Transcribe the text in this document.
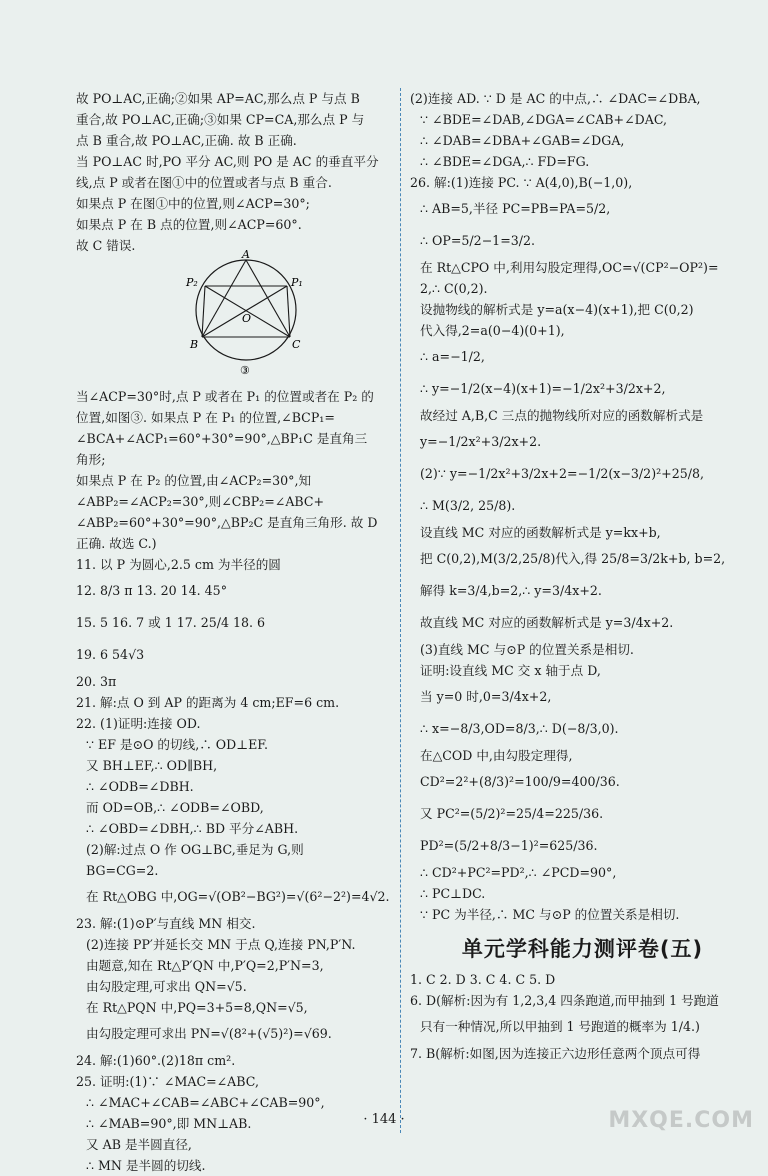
故 PO⊥AC,正确;②如果 AP=AC,那么点 P 与点 B
重合,故 PO⊥AC,正确;③如果 CP=CA,那么点 P 与
点 B 重合,故 PO⊥AC,正确. 故 B 正确.
当 PO⊥AC 时,PO 平分 AC,则 PO 是 AC 的垂直平分
线,点 P 或者在图①中的位置或者与点 B 重合.
如果点 P 在图①中的位置,则∠ACP=30°;
如果点 P 在 B 点的位置,则∠ACP=60°.
故 C 错误.
A
P₂	P₁
O
B	C
③
当∠ACP=30°时,点 P 或者在 P₁ 的位置或者在 P₂ 的
位置,如图③. 如果点 P 在 P₁ 的位置,∠BCP₁=
∠BCA+∠ACP₁=60°+30°=90°,△BP₁C 是直角三
角形;
如果点 P 在 P₂ 的位置,由∠ACP₂=30°,知
∠ABP₂=∠ACP₂=30°,则∠CBP₂=∠ABC+
∠ABP₂=60°+30°=90°,△BP₂C 是直角三角形. 故 D
正确. 故选 C.)
11. 以 P 为圆心,2.5 cm 为半径的圆
12. 8/3 π 13. 20 14. 45°
15. 5 16. 7 或 1 17. 25/4 18. 6
19. 6 54√3
20. 3π
21. 解:点 O 到 AP 的距离为 4 cm;EF=6 cm.
22. (1)证明:连接 OD.
∵ EF 是⊙O 的切线,∴ OD⊥EF.
又 BH⊥EF,∴ OD∥BH,
∴ ∠ODB=∠DBH.
而 OD=OB,∴ ∠ODB=∠OBD,
∴ ∠OBD=∠DBH,∴ BD 平分∠ABH.
(2)解:过点 O 作 OG⊥BC,垂足为 G,则
BG=CG=2.
在 Rt△OBG 中,OG=√(OB²−BG²)=√(6²−2²)=4√2.
23. 解:(1)⊙P′与直线 MN 相交.
(2)连接 PP′并延长交 MN 于点 Q,连接 PN,P′N.
由题意,知在 Rt△P′QN 中,P′Q=2,P′N=3,
由勾股定理,可求出 QN=√5.
在 Rt△PQN 中,PQ=3+5=8,QN=√5,
由勾股定理可求出 PN=√(8²+(√5)²)=√69.
24. 解:(1)60°.(2)18π cm².
25. 证明:(1)∵ ∠MAC=∠ABC,
∴ ∠MAC+∠CAB=∠ABC+∠CAB=90°,
∴ ∠MAB=90°,即 MN⊥AB.
又 AB 是半圆直径,
∴ MN 是半圆的切线.
(2)连接 AD. ∵ D 是 AC 的中点,∴ ∠DAC=∠DBA,
∵ ∠BDE=∠DAB,∠DGA=∠CAB+∠DAC,
∴ ∠DAB=∠DBA+∠GAB=∠DGA,
∴ ∠BDE=∠DGA,∴ FD=FG.
26. 解:(1)连接 PC. ∵ A(4,0),B(−1,0),
∴ AB=5,半径 PC=PB=PA=5/2,
∴ OP=5/2−1=3/2.
在 Rt△CPO 中,利用勾股定理得,OC=√(CP²−OP²)=
2,∴ C(0,2).
设抛物线的解析式是 y=a(x−4)(x+1),把 C(0,2)
代入得,2=a(0−4)(0+1),
∴ a=−1/2,
∴ y=−1/2(x−4)(x+1)=−1/2x²+3/2x+2,
故经过 A,B,C 三点的抛物线所对应的函数解析式是
y=−1/2x²+3/2x+2.
(2)∵ y=−1/2x²+3/2x+2=−1/2(x−3/2)²+25/8,
∴ M(3/2, 25/8).
设直线 MC 对应的函数解析式是 y=kx+b,
把 C(0,2),M(3/2,25/8)代入,得 25/8=3/2k+b, b=2,
解得 k=3/4,b=2,∴ y=3/4x+2.
故直线 MC 对应的函数解析式是 y=3/4x+2.
(3)直线 MC 与⊙P 的位置关系是相切.
证明:设直线 MC 交 x 轴于点 D,
当 y=0 时,0=3/4x+2,
∴ x=−8/3,OD=8/3,∴ D(−8/3,0).
在△COD 中,由勾股定理得,
CD²=2²+(8/3)²=100/9=400/36.
又 PC²=(5/2)²=25/4=225/36.
PD²=(5/2+8/3−1)²=625/36.
∴ CD²+PC²=PD²,∴ ∠PCD=90°,
∴ PC⊥DC.
∵ PC 为半径,∴ MC 与⊙P 的位置关系是相切.
单元学科能力测评卷(五)
1. C 2. D 3. C 4. C 5. D
6. D(解析:因为有 1,2,3,4 四条跑道,而甲抽到 1 号跑道
只有一种情况,所以甲抽到 1 号跑道的概率为 1/4.)
7. B(解析:如图,因为连接正六边形任意两个顶点可得
· 144 ·	MXQE.COM
